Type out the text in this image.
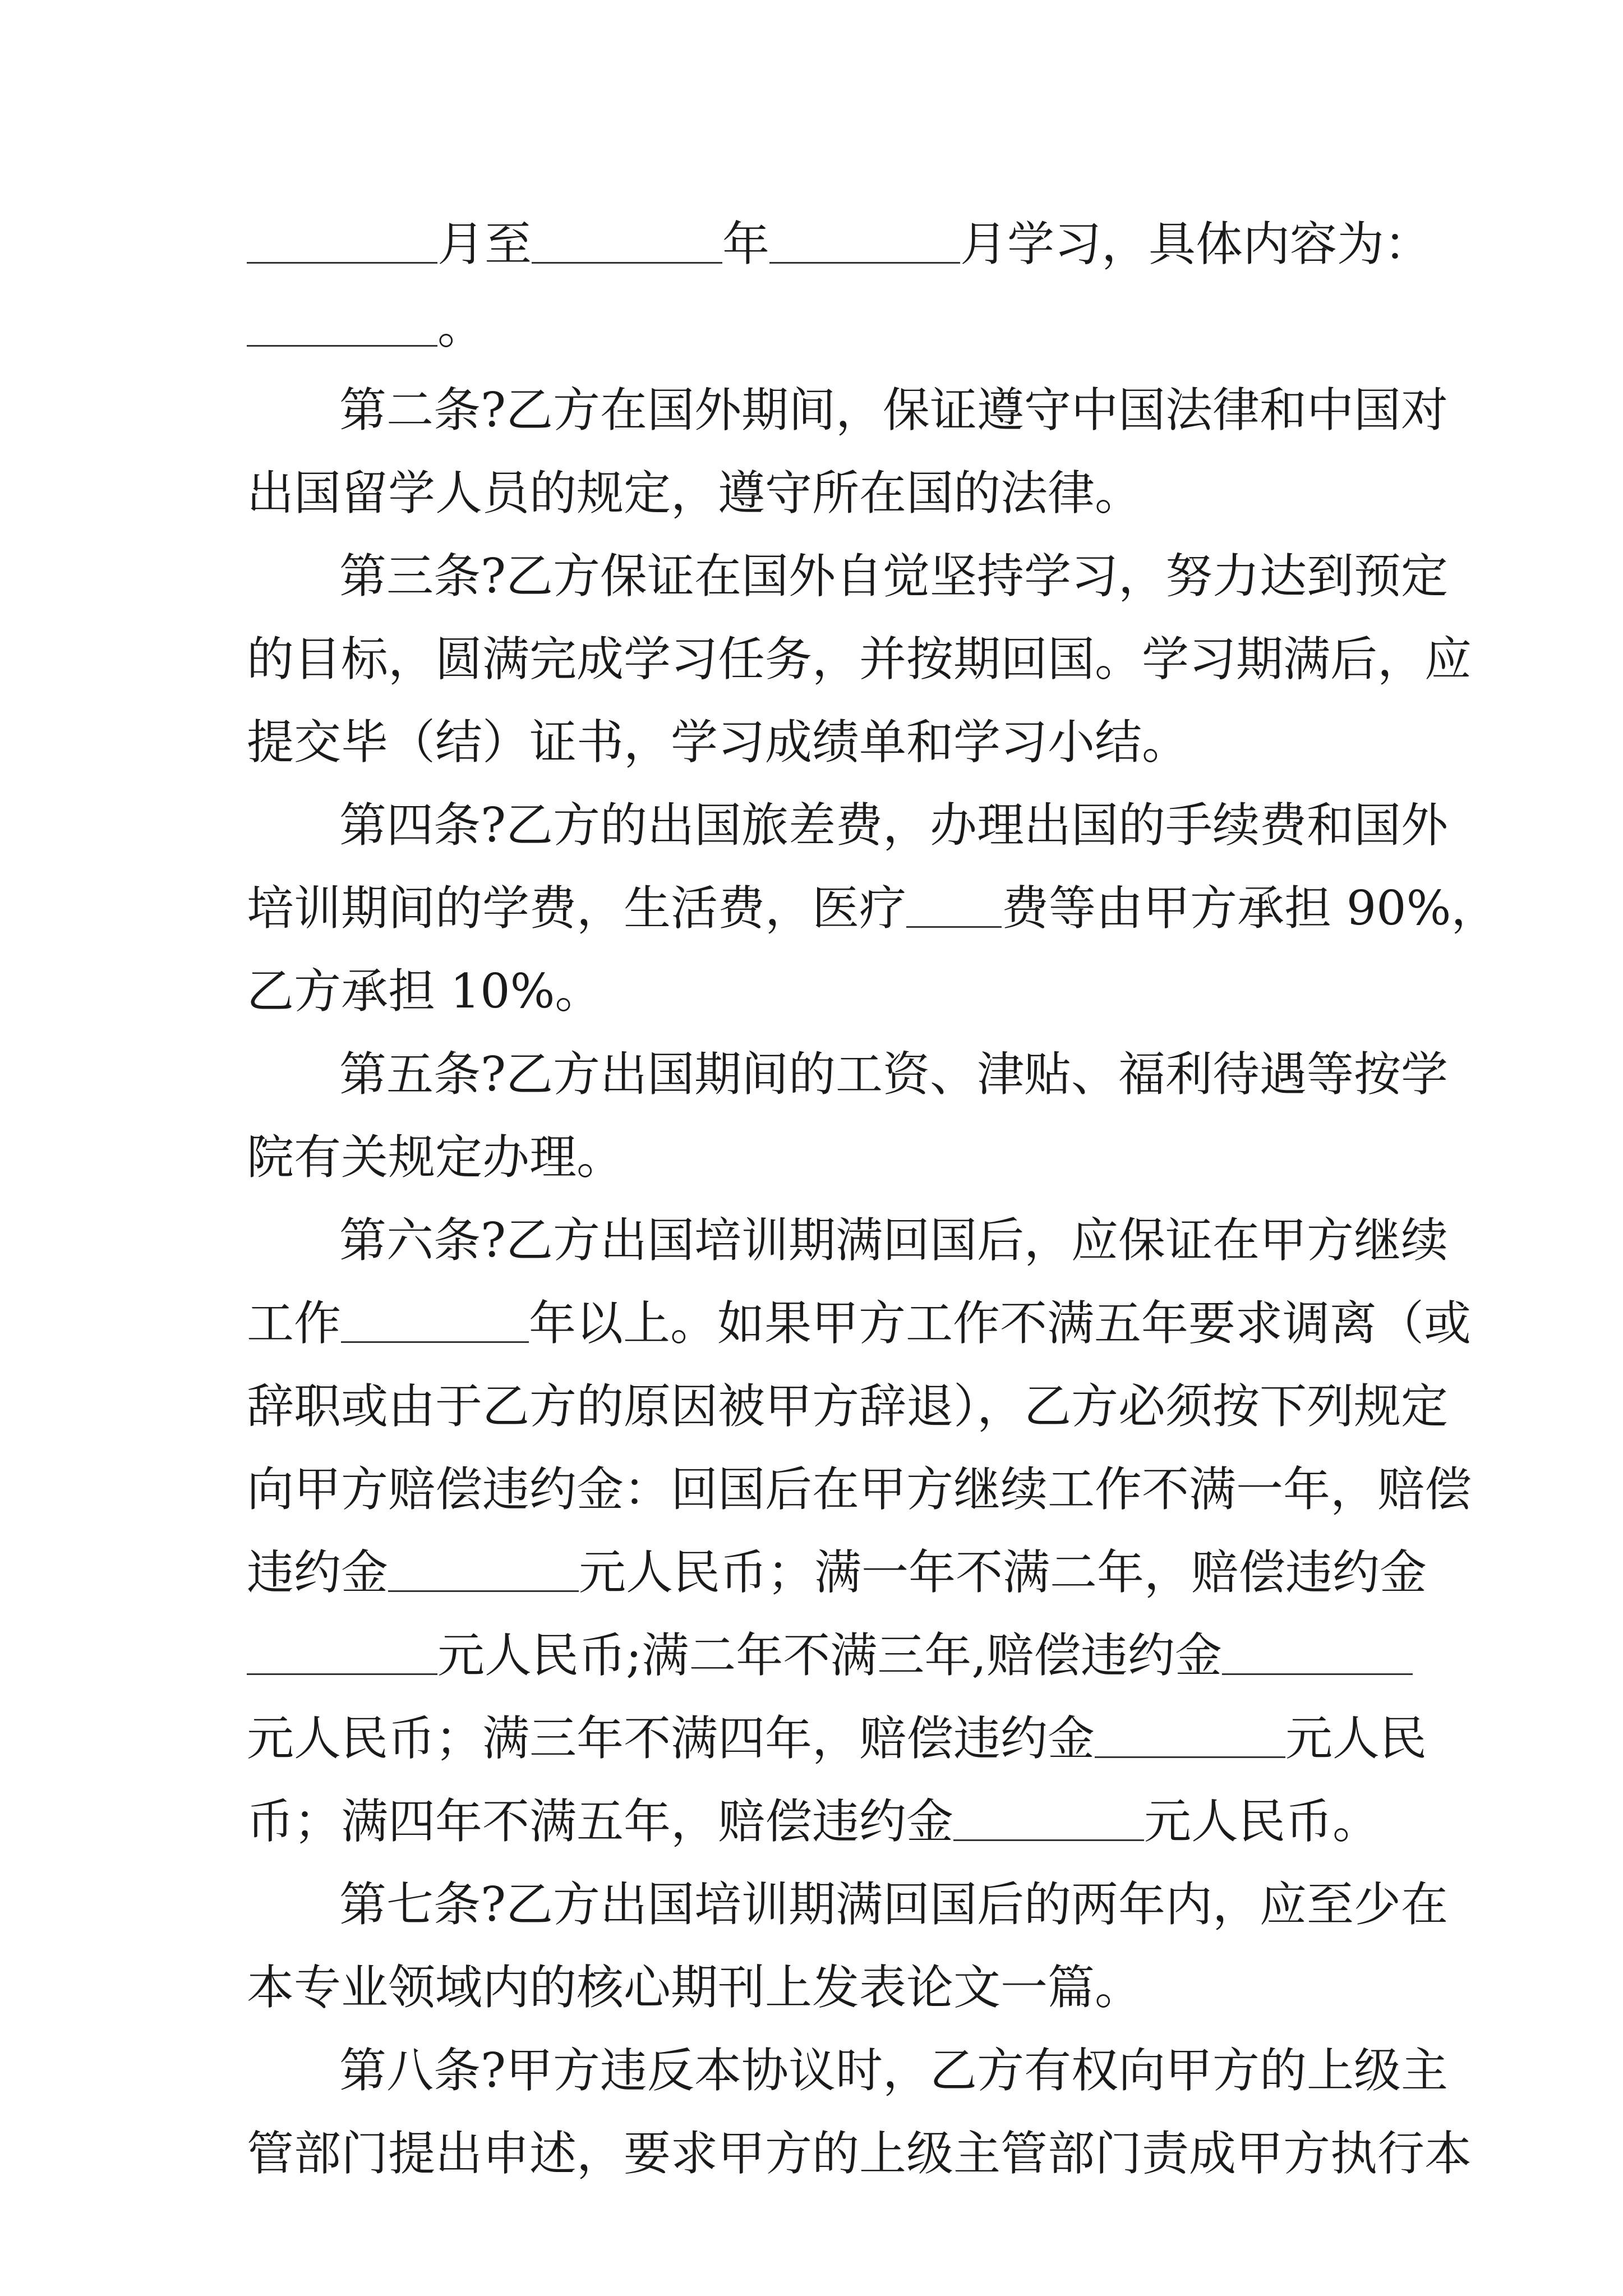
月至	年	月学习，具体内容为：
。
第二条?乙方在国外期间，保证遵守中国法律和中国对
出国留学人员的规定，遵守所在国的法律。
第三条?乙方保证在国外自觉坚持学习，努力达到预定
的目标，圆满完成学习任务，并按期回国。学习期满后，应
提交毕（结）证书，学习成绩单和学习小结。
第四条?乙方的出国旅差费，办理出国的手续费和国外
培训期间的学费，生活费，医疗 费等由甲方承担 90%，
乙方承担 10%。
第五条?乙方出国期间的工资、津贴、福利待遇等按学
院有关规定办理。
第六条?乙方出国培训期满回国后，应保证在甲方继续
工作	年以上。如果甲方工作不满五年要求调离（或
辞职或由于乙方的原因被甲方辞退），乙方必须按下列规定
向甲方赔偿违约金：回国后在甲方继续工作不满一年，赔偿
违约金	元人民币；满一年不满二年，赔偿违约金
元人民币;满二年不满三年,赔偿违约金
元人民币；满三年不满四年，赔偿违约金	元人民
币；满四年不满五年，赔偿违约金	元人民币。
第七条?乙方出国培训期满回国后的两年内，应至少在
本专业领域内的核心期刊上发表论文一篇。
第八条?甲方违反本协议时，乙方有权向甲方的上级主
管部门提出申述，要求甲方的上级主管部门责成甲方执行本
